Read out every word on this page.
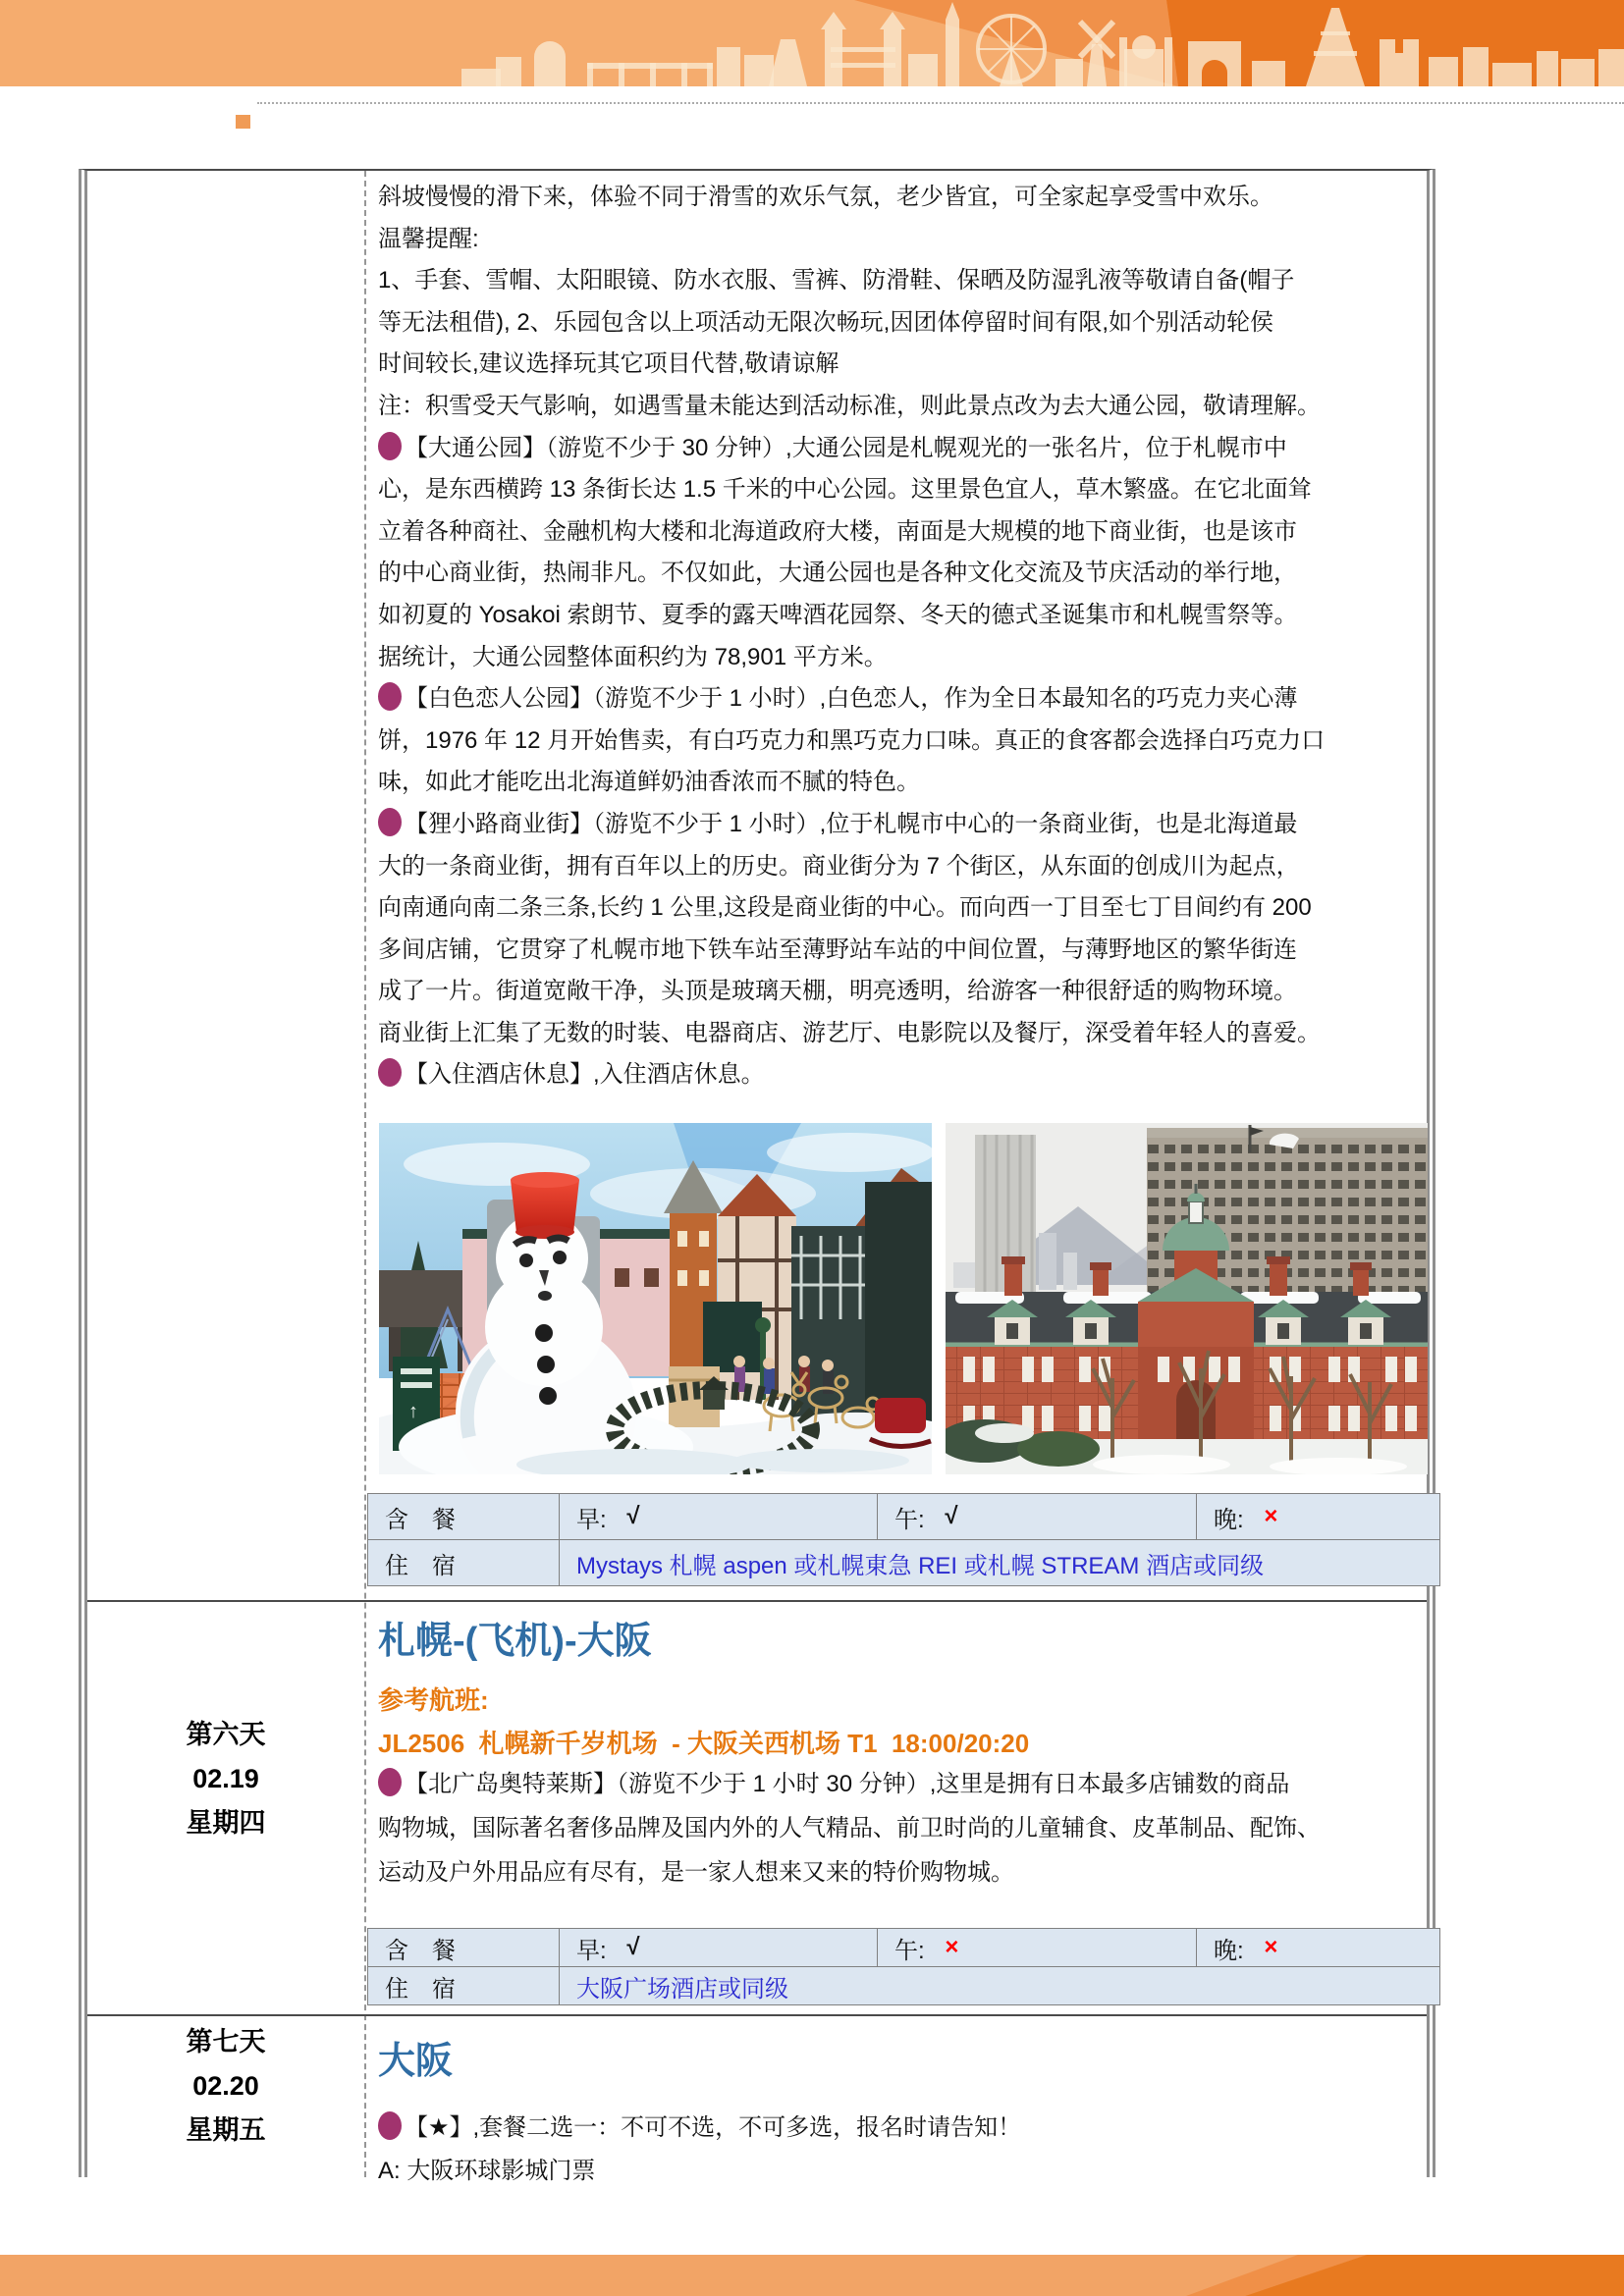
斜坡慢慢的滑下来，体验不同于滑雪的欢乐气氛，老少皆宜，可全家起享受雪中欢乐。
温馨提醒:
1、手套、雪帽、太阳眼镜、防水衣服、雪裤、防滑鞋、保晒及防湿乳液等敬请自备(帽子
等无法租借), 2、乐园包含以上项活动无限次畅玩,因团体停留时间有限,如个别活动轮侯
时间较长,建议选择玩其它项目代替,敬请谅解
注：积雪受天气影响，如遇雪量未能达到活动标准，则此景点改为去大通公园，敬请理解。
【大通公园】（游览不少于 30 分钟）,大通公园是札幌观光的一张名片，位于札幌市中
心，是东西横跨 13 条街长达 1.5 千米的中心公园。这里景色宜人，草木繁盛。在它北面耸
立着各种商社、金融机构大楼和北海道政府大楼，南面是大规模的地下商业街，也是该市
的中心商业街，热闹非凡。不仅如此，大通公园也是各种文化交流及节庆活动的举行地，
如初夏的 Yosakoi 索朗节、夏季的露天啤酒花园祭、冬天的德式圣诞集市和札幌雪祭等。
据统计，大通公园整体面积约为 78,901 平方米。
【白色恋人公园】（游览不少于 1 小时）,白色恋人，作为全日本最知名的巧克力夹心薄
饼，1976 年 12 月开始售卖，有白巧克力和黑巧克力口味。真正的食客都会选择白巧克力口
味，如此才能吃出北海道鲜奶油香浓而不腻的特色。
【狸小路商业街】（游览不少于 1 小时）,位于札幌市中心的一条商业街，也是北海道最
大的一条商业街，拥有百年以上的历史。商业街分为 7 个街区，从东面的创成川为起点，
向南通向南二条三条,长约 1 公里,这段是商业街的中心。而向西一丁目至七丁目间约有 200
多间店铺，它贯穿了札幌市地下铁车站至薄野站车站的中间位置，与薄野地区的繁华街连
成了一片。街道宽敞干净，头顶是玻璃天棚，明亮透明，给游客一种很舒适的购物环境。
商业街上汇集了无数的时装、电器商店、游艺厅、电影院以及餐厅，深受着年轻人的喜爱。
【入住酒店休息】,入住酒店休息。
↑
含　餐	早: √	午: √	晚: ×
住　宿	Mystays 札幌 aspen 或札幌東急 REI 或札幌 STREAM 酒店或同级
第六天
02.19
星期四
札幌-(飞机)-大阪
参考航班:
JL2506  札幌新千岁机场  - 大阪关西机场 T1  18:00/20:20
【北广岛奥特莱斯】（游览不少于 1 小时 30 分钟）,这里是拥有日本最多店铺数的商品
购物城，国际著名奢侈品牌及国内外的人气精品、前卫时尚的儿童辅食、皮革制品、配饰、
运动及户外用品应有尽有，是一家人想来又来的特价购物城。
含　餐	早: √	午: ×	晚: ×
住　宿	大阪广场酒店或同级
第七天
02.20
星期五
大阪
【★】,套餐二选一：不可不选，不可多选，报名时请告知！
A: 大阪环球影城门票
